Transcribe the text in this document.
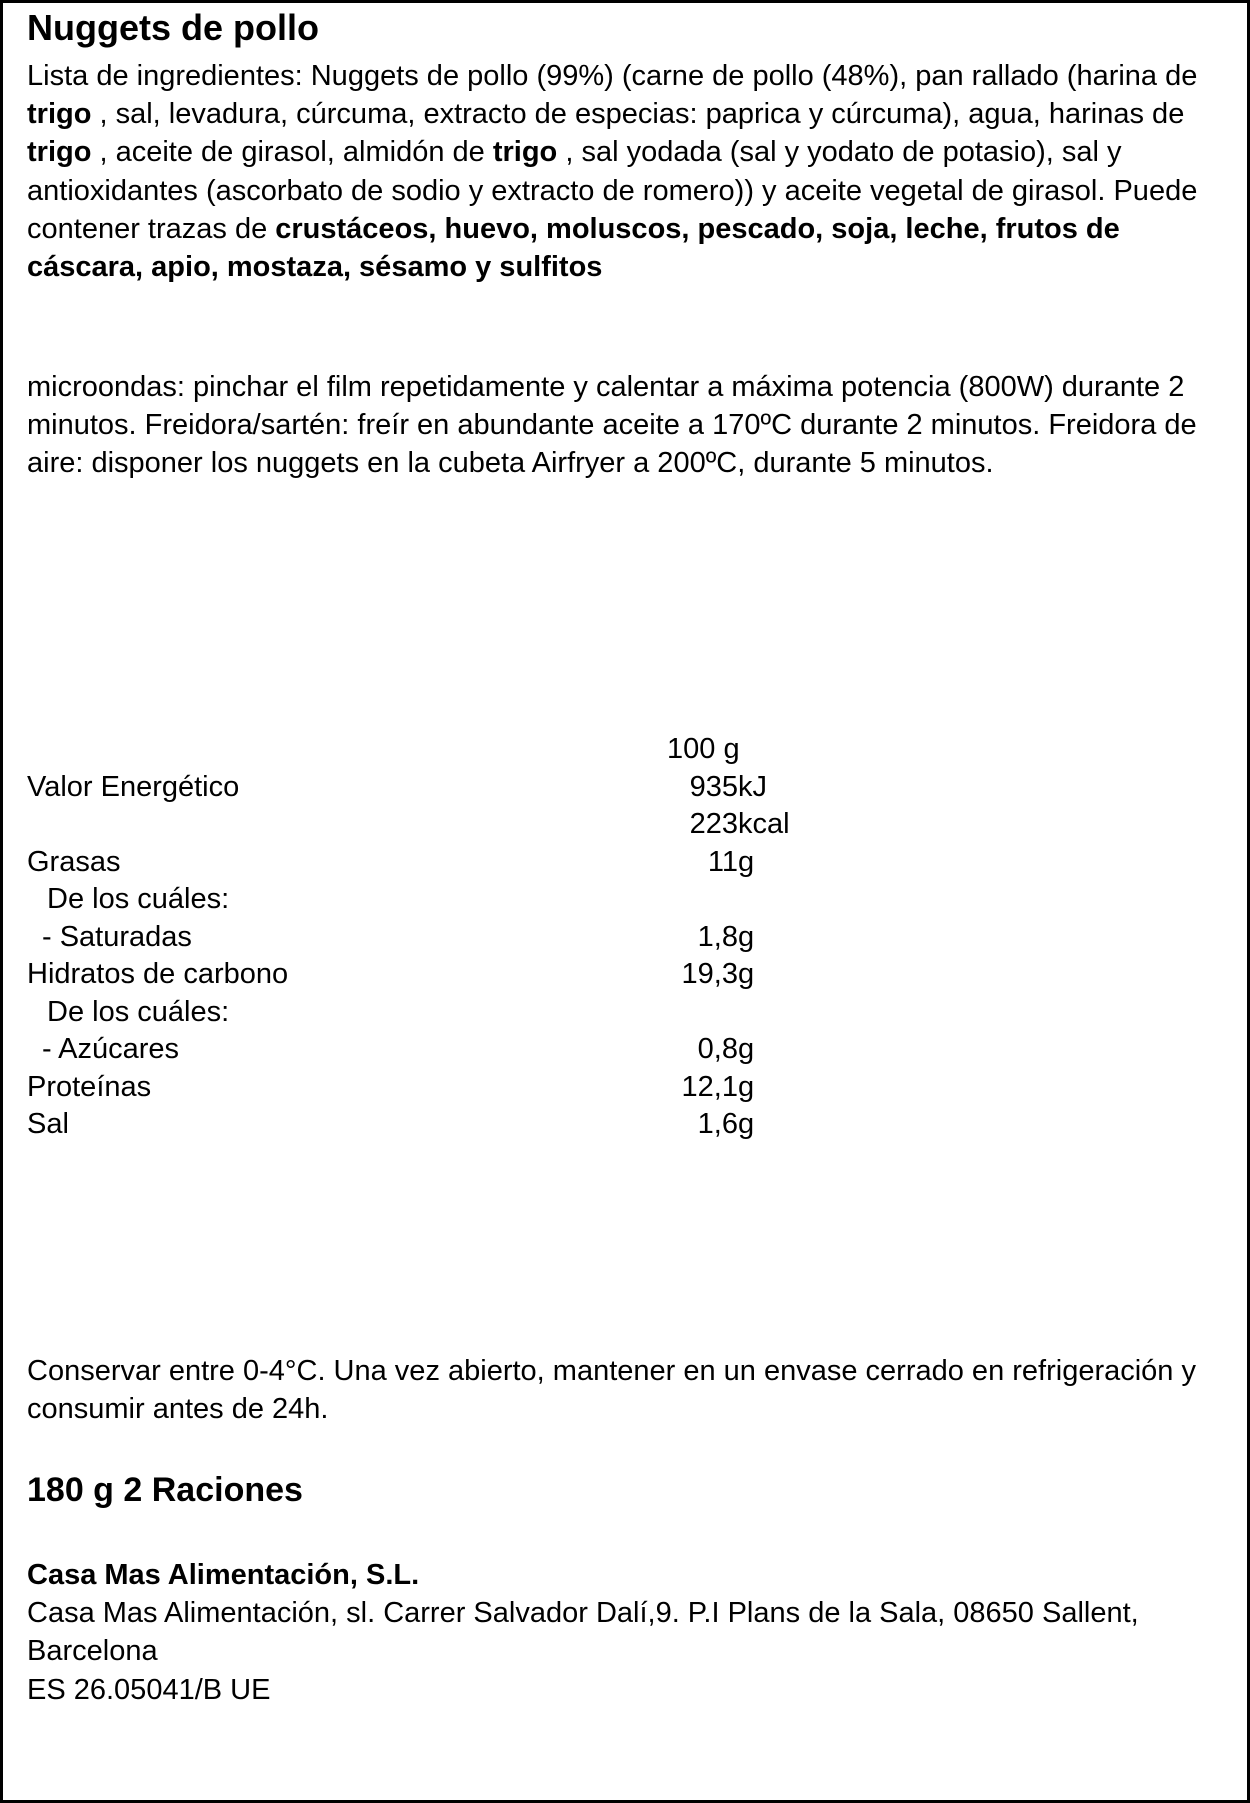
Nuggets de pollo
Lista de ingredientes: Nuggets de pollo (99%) (carne de pollo (48%), pan rallado (harina de trigo , sal, levadura, cúrcuma, extracto de especias: paprica y cúrcuma), agua, harinas de trigo , aceite de girasol, almidón de trigo , sal yodada (sal y yodato de potasio), sal y antioxidantes (ascorbato de sodio y extracto de romero)) y aceite vegetal de girasol. Puede contener trazas de crustáceos, huevo, moluscos, pescado, soja, leche, frutos de cáscara, apio, mostaza, sésamo y sulfitos
microondas: pinchar el film repetidamente y calentar a máxima potencia (800W) durante 2 minutos. Freidora/sartén: freír en abundante aceite a 170ºC durante 2 minutos. Freidora de aire: disponer los nuggets en la cubeta Airfryer a 200ºC, durante 5 minutos.
100 g
Valor Energético	935 kJ
223 kcal
Grasas	11 g
De los cuáles:
- Saturadas	1,8 g
Hidratos de carbono	19,3 g
De los cuáles:
- Azúcares	0,8 g
Proteínas	12,1 g
Sal	1,6 g
Conservar entre 0-4°C. Una vez abierto, mantener en un envase cerrado en refrigeración y consumir antes de 24h.
180 g 2 Raciones
Casa Mas Alimentación, S.L.
Casa Mas Alimentación, sl. Carrer Salvador Dalí,9. P.I Plans de la Sala, 08650 Sallent, Barcelona
ES 26.05041/B UE
